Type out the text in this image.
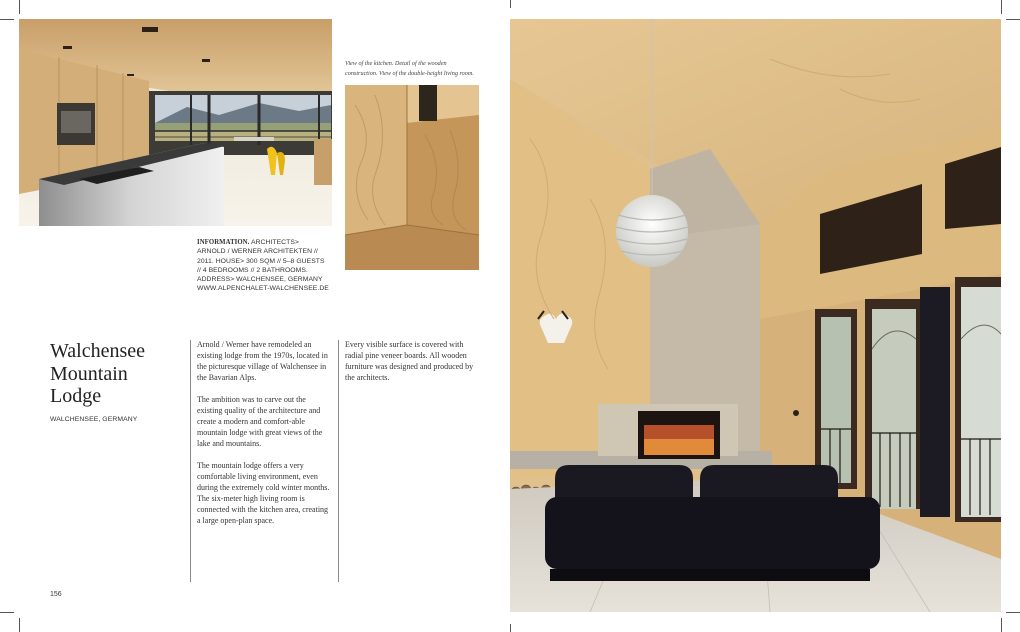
View of the kitchen. Detail of the wooden
construction. View of the double-height living room.
INFORMATION. ARCHITECTS>
ARNOLD / WERNER ARCHITEKTEN //
2011. HOUSE> 300 SQM // 5–8 GUESTS
// 4 BEDROOMS // 2 BATHROOMS.
ADDRESS> WALCHENSEE, GERMANY
WWW.ALPENCHALET-WALCHENSEE.DE
Walchensee
Mountain
Lodge
WALCHENSEE, GERMANY

Arnold / Werner have remodeled an existing lodge from the 1970s, located in the picturesque village of Walchensee in the Bavarian Alps.

The ambition was to carve out the existing quality of the architecture and create a modern and comfort-able mountain lodge with great views of the lake and mountains.

The mountain lodge offers a very comfortable living environment, even during the extremely cold winter months. The six-meter high living room is connected with the kitchen area, creating a large open-plan space.

Every visible surface is covered with radial pine veneer boards. All wooden furniture was designed and produced by the architects.

156
